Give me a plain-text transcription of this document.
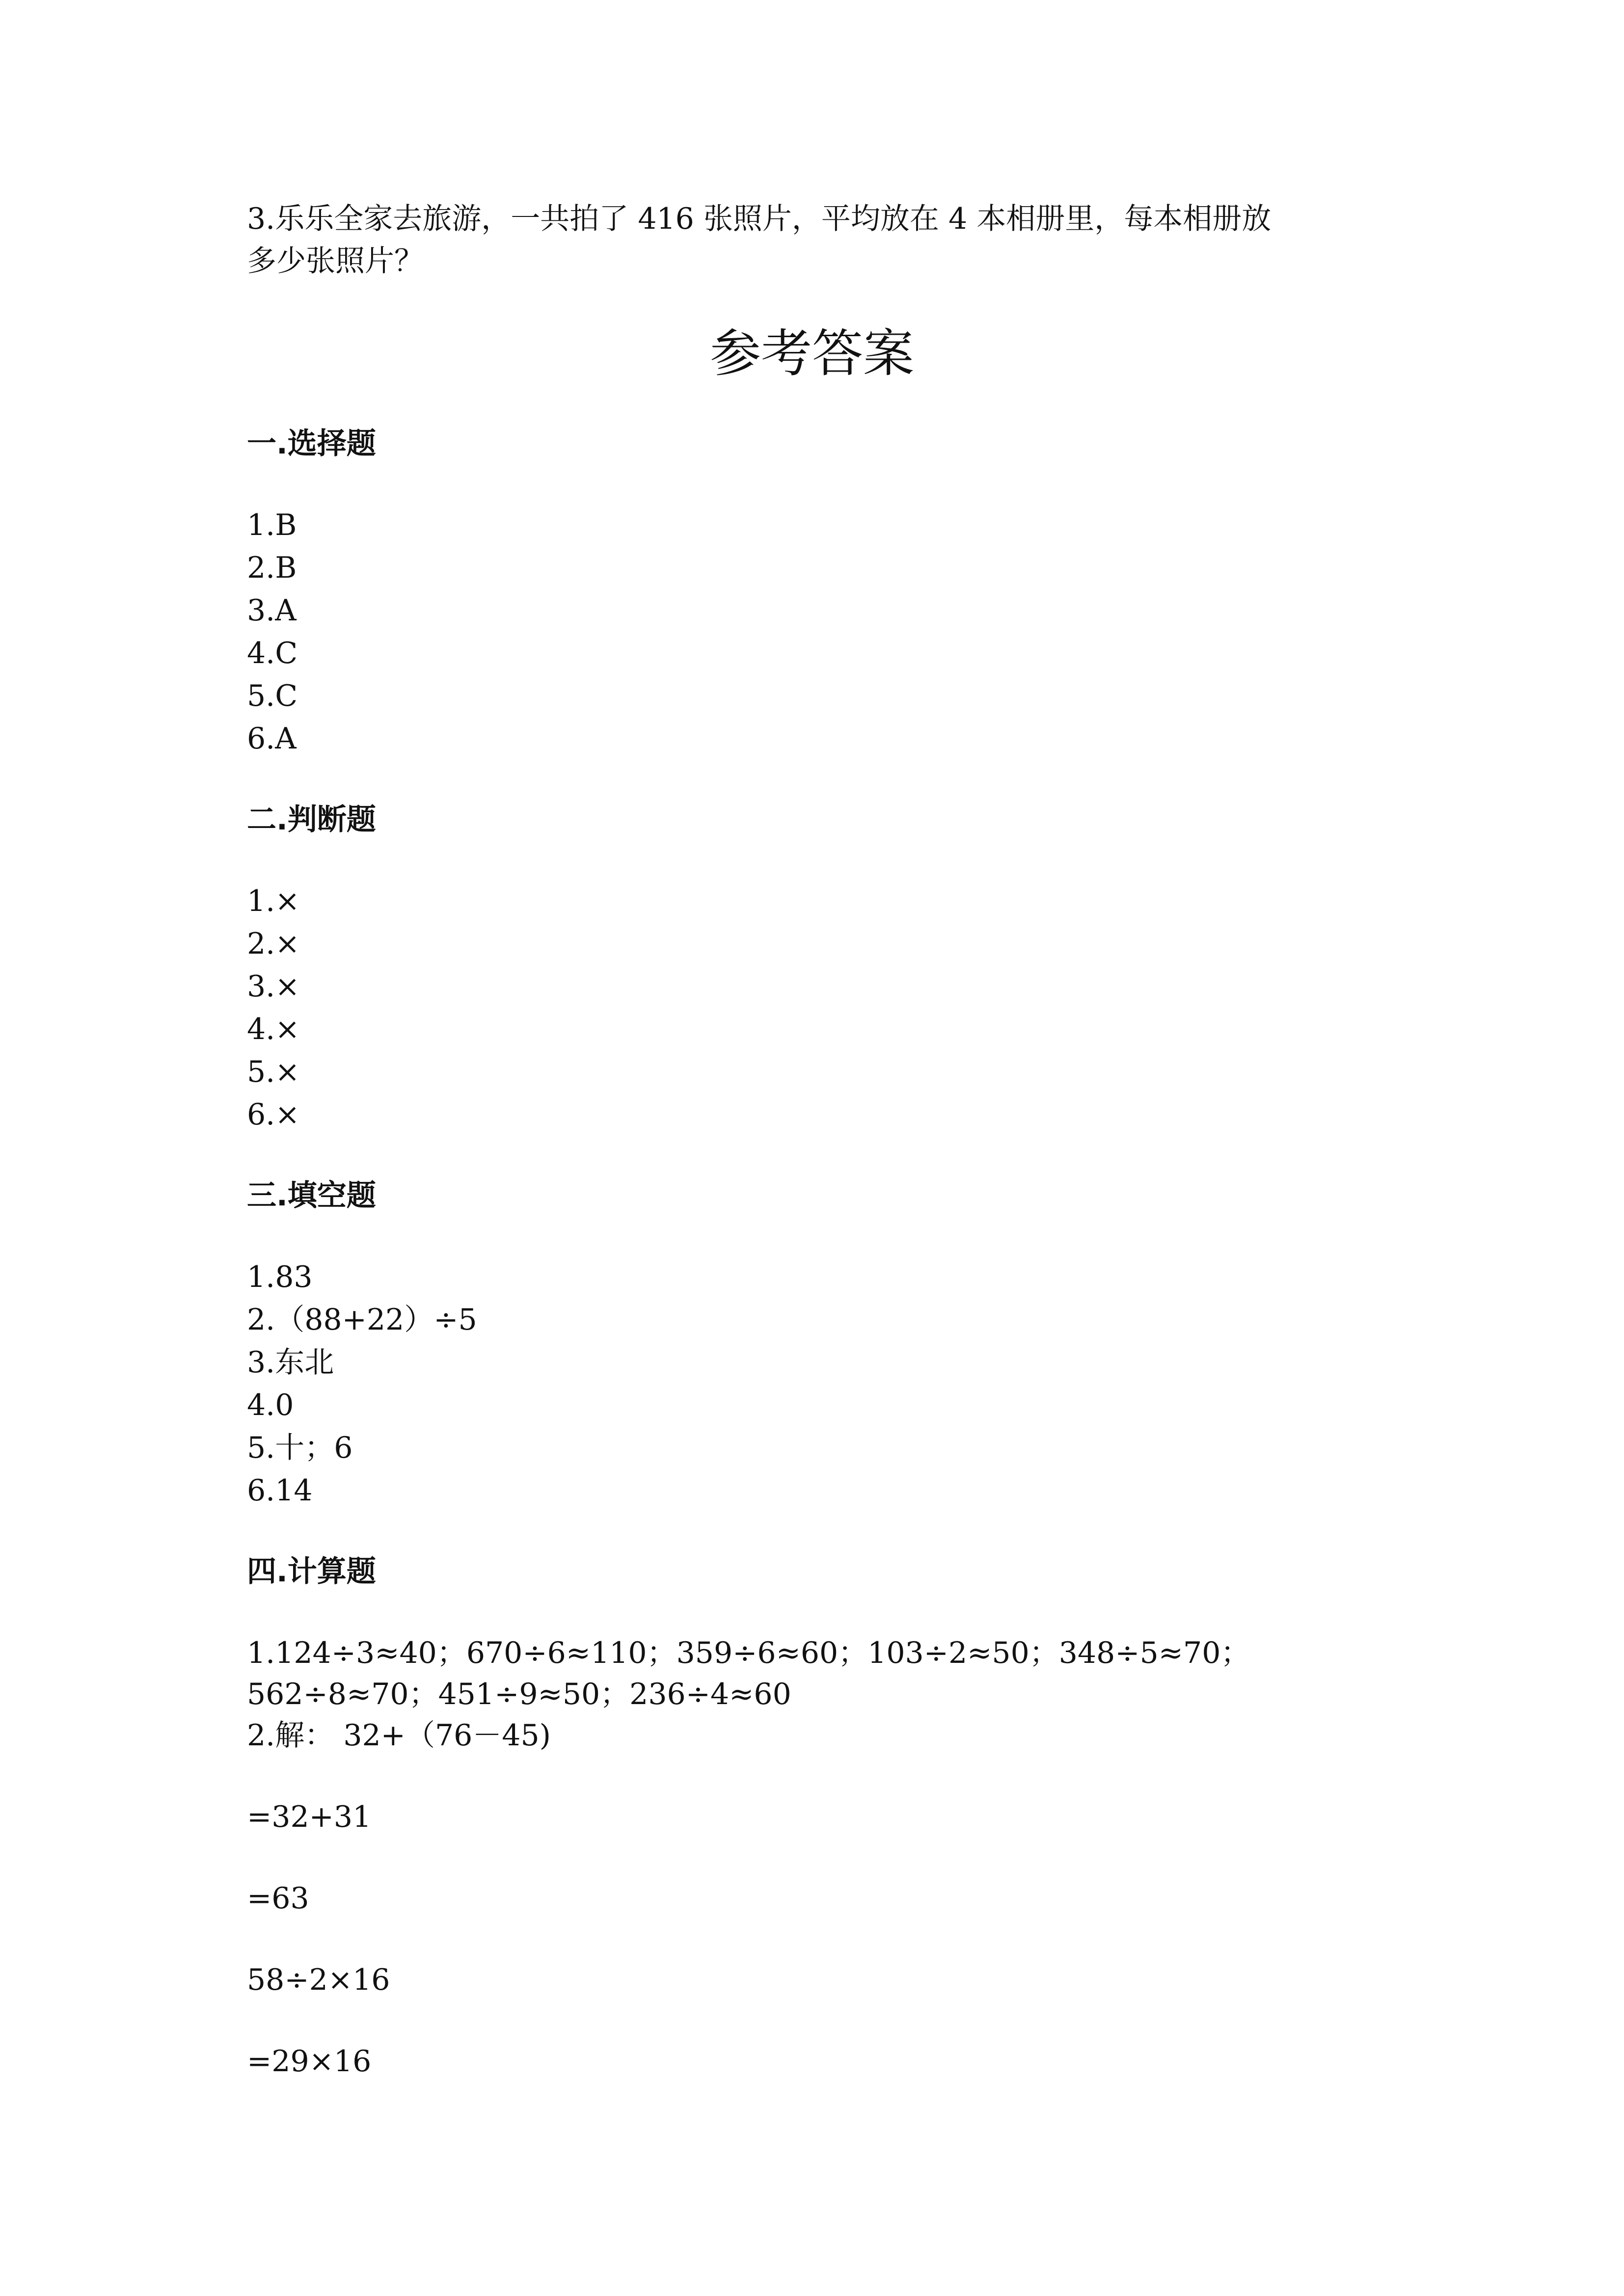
3.乐乐全家去旅游，一共拍了 416 张照片，平均放在 4 本相册里，每本相册放
多少张照片？
参考答案
一.选择题
1.B
2.B
3.A
4.C
5.C
6.A
二.判断题
1.×
2.×
3.×
4.×
5.×
6.×
三.填空题
1.83
2.（88+22）÷5
3.东北
4.0
5.十；6
6.14
四.计算题
1.124÷3≈40；670÷6≈110；359÷6≈60；103÷2≈50；348÷5≈70；
562÷8≈70；451÷9≈50；236÷4≈60
2.解： 32+（76－45)
=32+31
=63
58÷2×16
=29×16
